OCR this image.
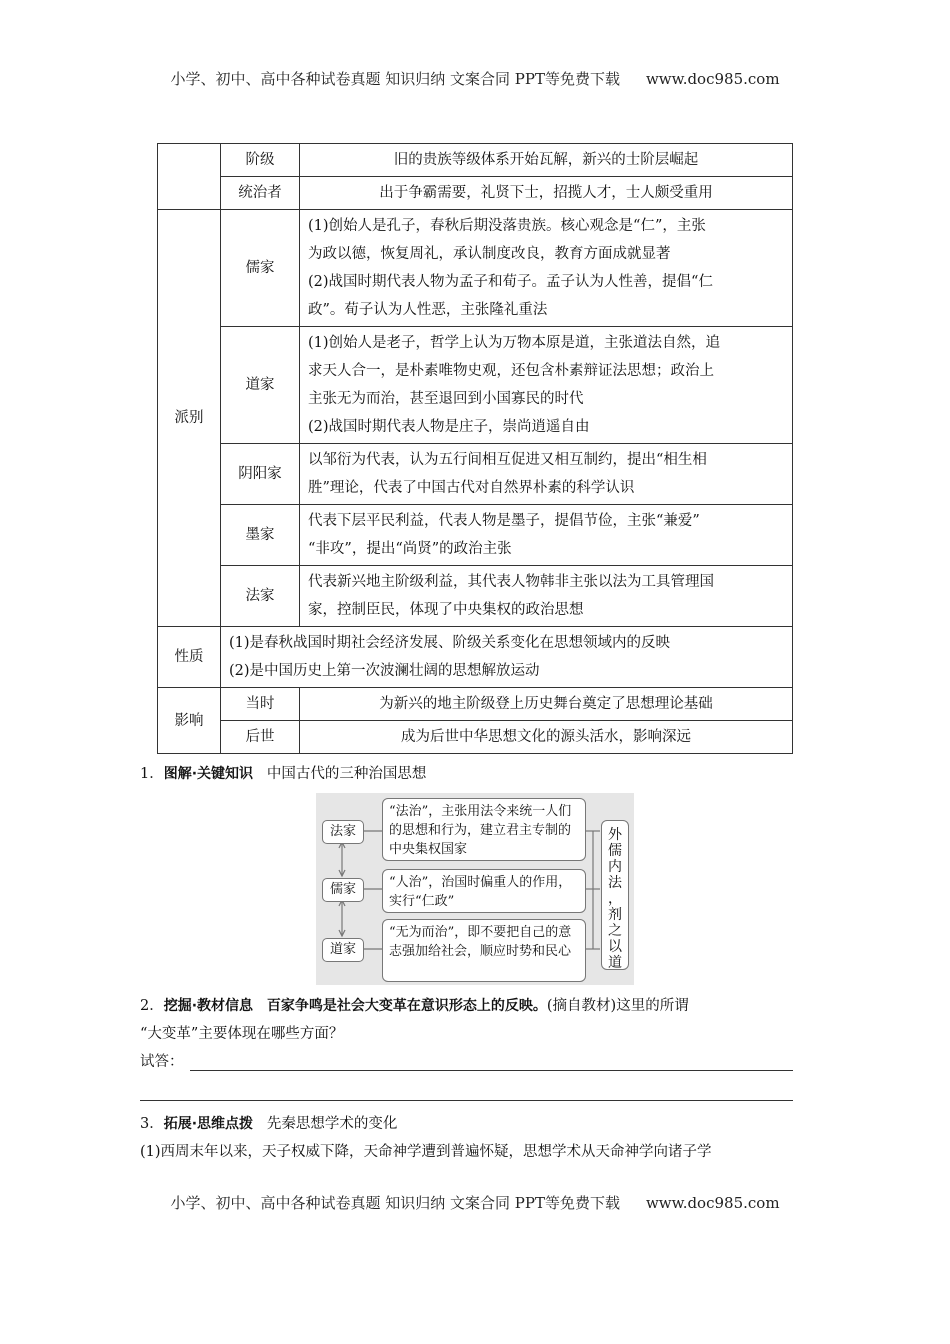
小学、初中、高中各种试卷真题 知识归纳 文案合同 PPT等免费下载 www.doc985.com
	阶级	旧的贵族等级体系开始瓦解，新兴的士阶层崛起
	统治者	出于争霸需要，礼贤下士，招揽人才，士人颇受重用
派别	儒家	(1)创始人是孔子，春秋后期没落贵族。核心观念是“仁”，主张
为政以德，恢复周礼，承认制度改良，教育方面成就显著
(2)战国时期代表人物为孟子和荀子。孟子认为人性善，提倡“仁
政”。荀子认为人性恶，主张隆礼重法

	道家	(1)创始人是老子，哲学上认为万物本原是道，主张道法自然，追
求天人合一，是朴素唯物史观，还包含朴素辩证法思想；政治上
主张无为而治，甚至退回到小国寡民的时代
(2)战国时期代表人物是庄子，崇尚逍遥自由

	阴阳家	以邹衍为代表，认为五行间相互促进又相互制约，提出“相生相
胜”理论，代表了中国古代对自然界朴素的科学认识

	墨家	代表下层平民利益，代表人物是墨子，提倡节俭，主张“兼爱”
“非攻”，提出“尚贤”的政治主张

	法家	代表新兴地主阶级利益，其代表人物韩非主张以法为工具管理国
家，控制臣民，体现了中央集权的政治思想

性质	(1)是春秋战国时期社会经济发展、阶级关系变化在思想领域内的反映
(2)是中国历史上第一次波澜壮阔的思想解放运动	

影响	当时	为新兴的地主阶级登上历史舞台奠定了思想理论基础
	后世	成为后世中华思想文化的源头活水，影响深远
1．图解·关键知识 中国古代的三种治国思想
法家
儒家
道家
“法治”，主张用法令来统一人们的思想和行为，建立君主专制的中央集权国家
“人治”，治国时偏重人的作用，实行“仁政”
“无为而治”，即不要把自己的意志强加给社会，顺应时势和民心
外
儒
内
法
，
剂
之
以
道
2．挖掘·教材信息 百家争鸣是社会大变革在意识形态上的反映。(摘自教材)这里的所谓
“大变革”主要体现在哪些方面？
试答：
3．拓展·思维点拨 先秦思想学术的变化
(1)西周末年以来，天子权威下降，天命神学遭到普遍怀疑，思想学术从天命神学向诸子学
小学、初中、高中各种试卷真题 知识归纳 文案合同 PPT等免费下载 www.doc985.com
